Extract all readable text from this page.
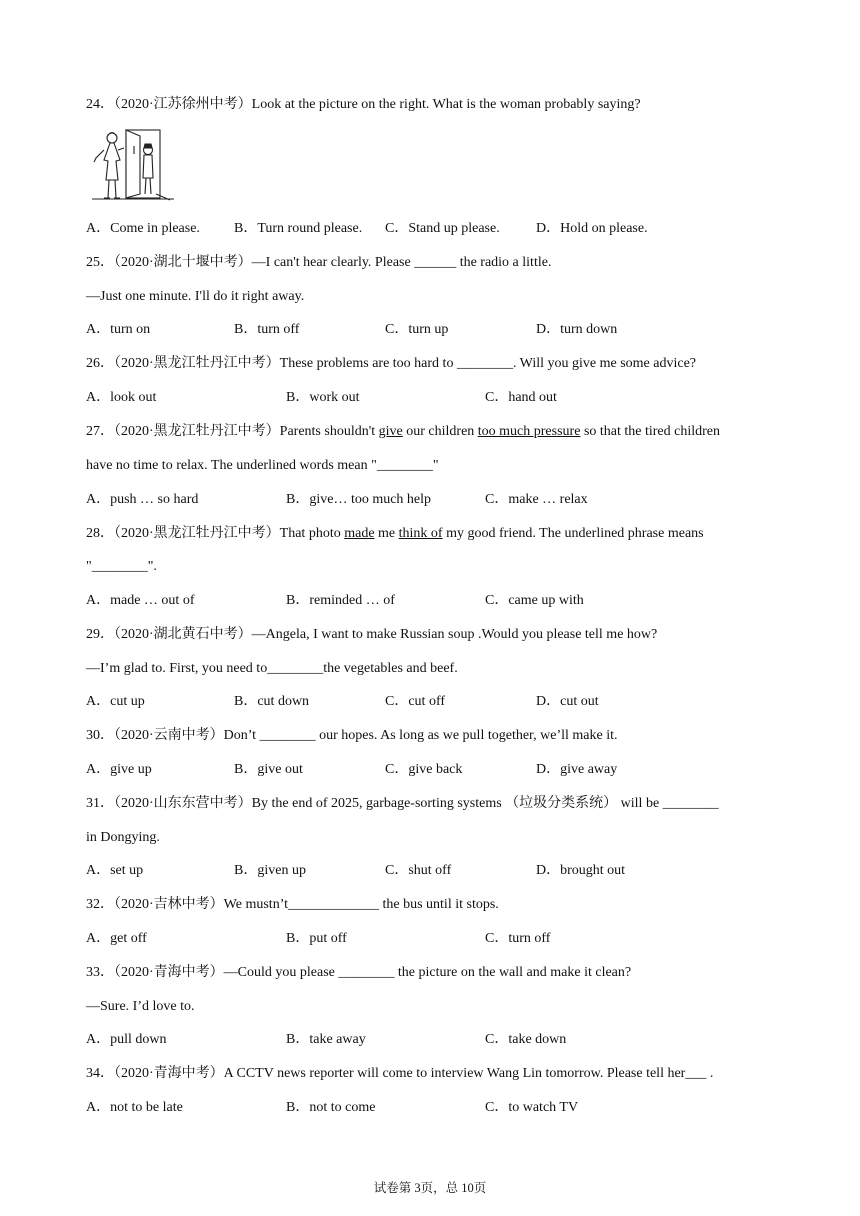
24．（2020·江苏徐州中考）Look at the picture on the right. What is the woman probably saying?
A．Come in please. B．Turn round please. C．Stand up please.	D．Hold on please.
25．（2020·湖北十堰中考）—I can't hear clearly. Please ______ the radio a little.
—Just one minute. I'll do it right away.
A．turn on	B．turn off	C．turn up	D．turn down
26．（2020·黑龙江牡丹江中考）These problems are too hard to ________. Will you give me some advice?
A．look out	B．work out	C．hand out
27．（2020·黑龙江牡丹江中考）Parents shouldn't give our children too much pressure so that the tired children
have no time to relax. The underlined words mean "________"
A．push … so hard	B．give… too much help	C．make … relax
28．（2020·黑龙江牡丹江中考）That photo made me think of my good friend. The underlined phrase means
"________".
A．made … out of	B．reminded … of	C．came up with
29．（2020·湖北黄石中考）—Angela, I want to make Russian soup .Would you please tell me how?
—I’m glad to. First, you need to________the vegetables and beef.
A．cut up	B．cut down	C．cut off	D．cut out
30．（2020·云南中考）Don’t ________ our hopes. As long as we pull together, we’ll make it.
A．give up	B．give out	C．give back	D．give away
31．（2020·山东东营中考）By the end of 2025, garbage-sorting systems （垃圾分类系统） will be ________
in Dongying.
A．set up	B．given up	C．shut off	D．brought out
32．（2020·吉林中考）We mustn’t_____________ the bus until it stops.
A．get off	B．put off	C．turn off
33．（2020·青海中考）—Could you please ________ the picture on the wall and make it clean?
—Sure. I’d love to.
A．pull down	B．take away	C．take down
34．（2020·青海中考）A CCTV news reporter will come to interview Wang Lin tomorrow. Please tell her___ .
A．not to be late	B．not to come	C．to watch TV
试卷第 3页，总 10页
